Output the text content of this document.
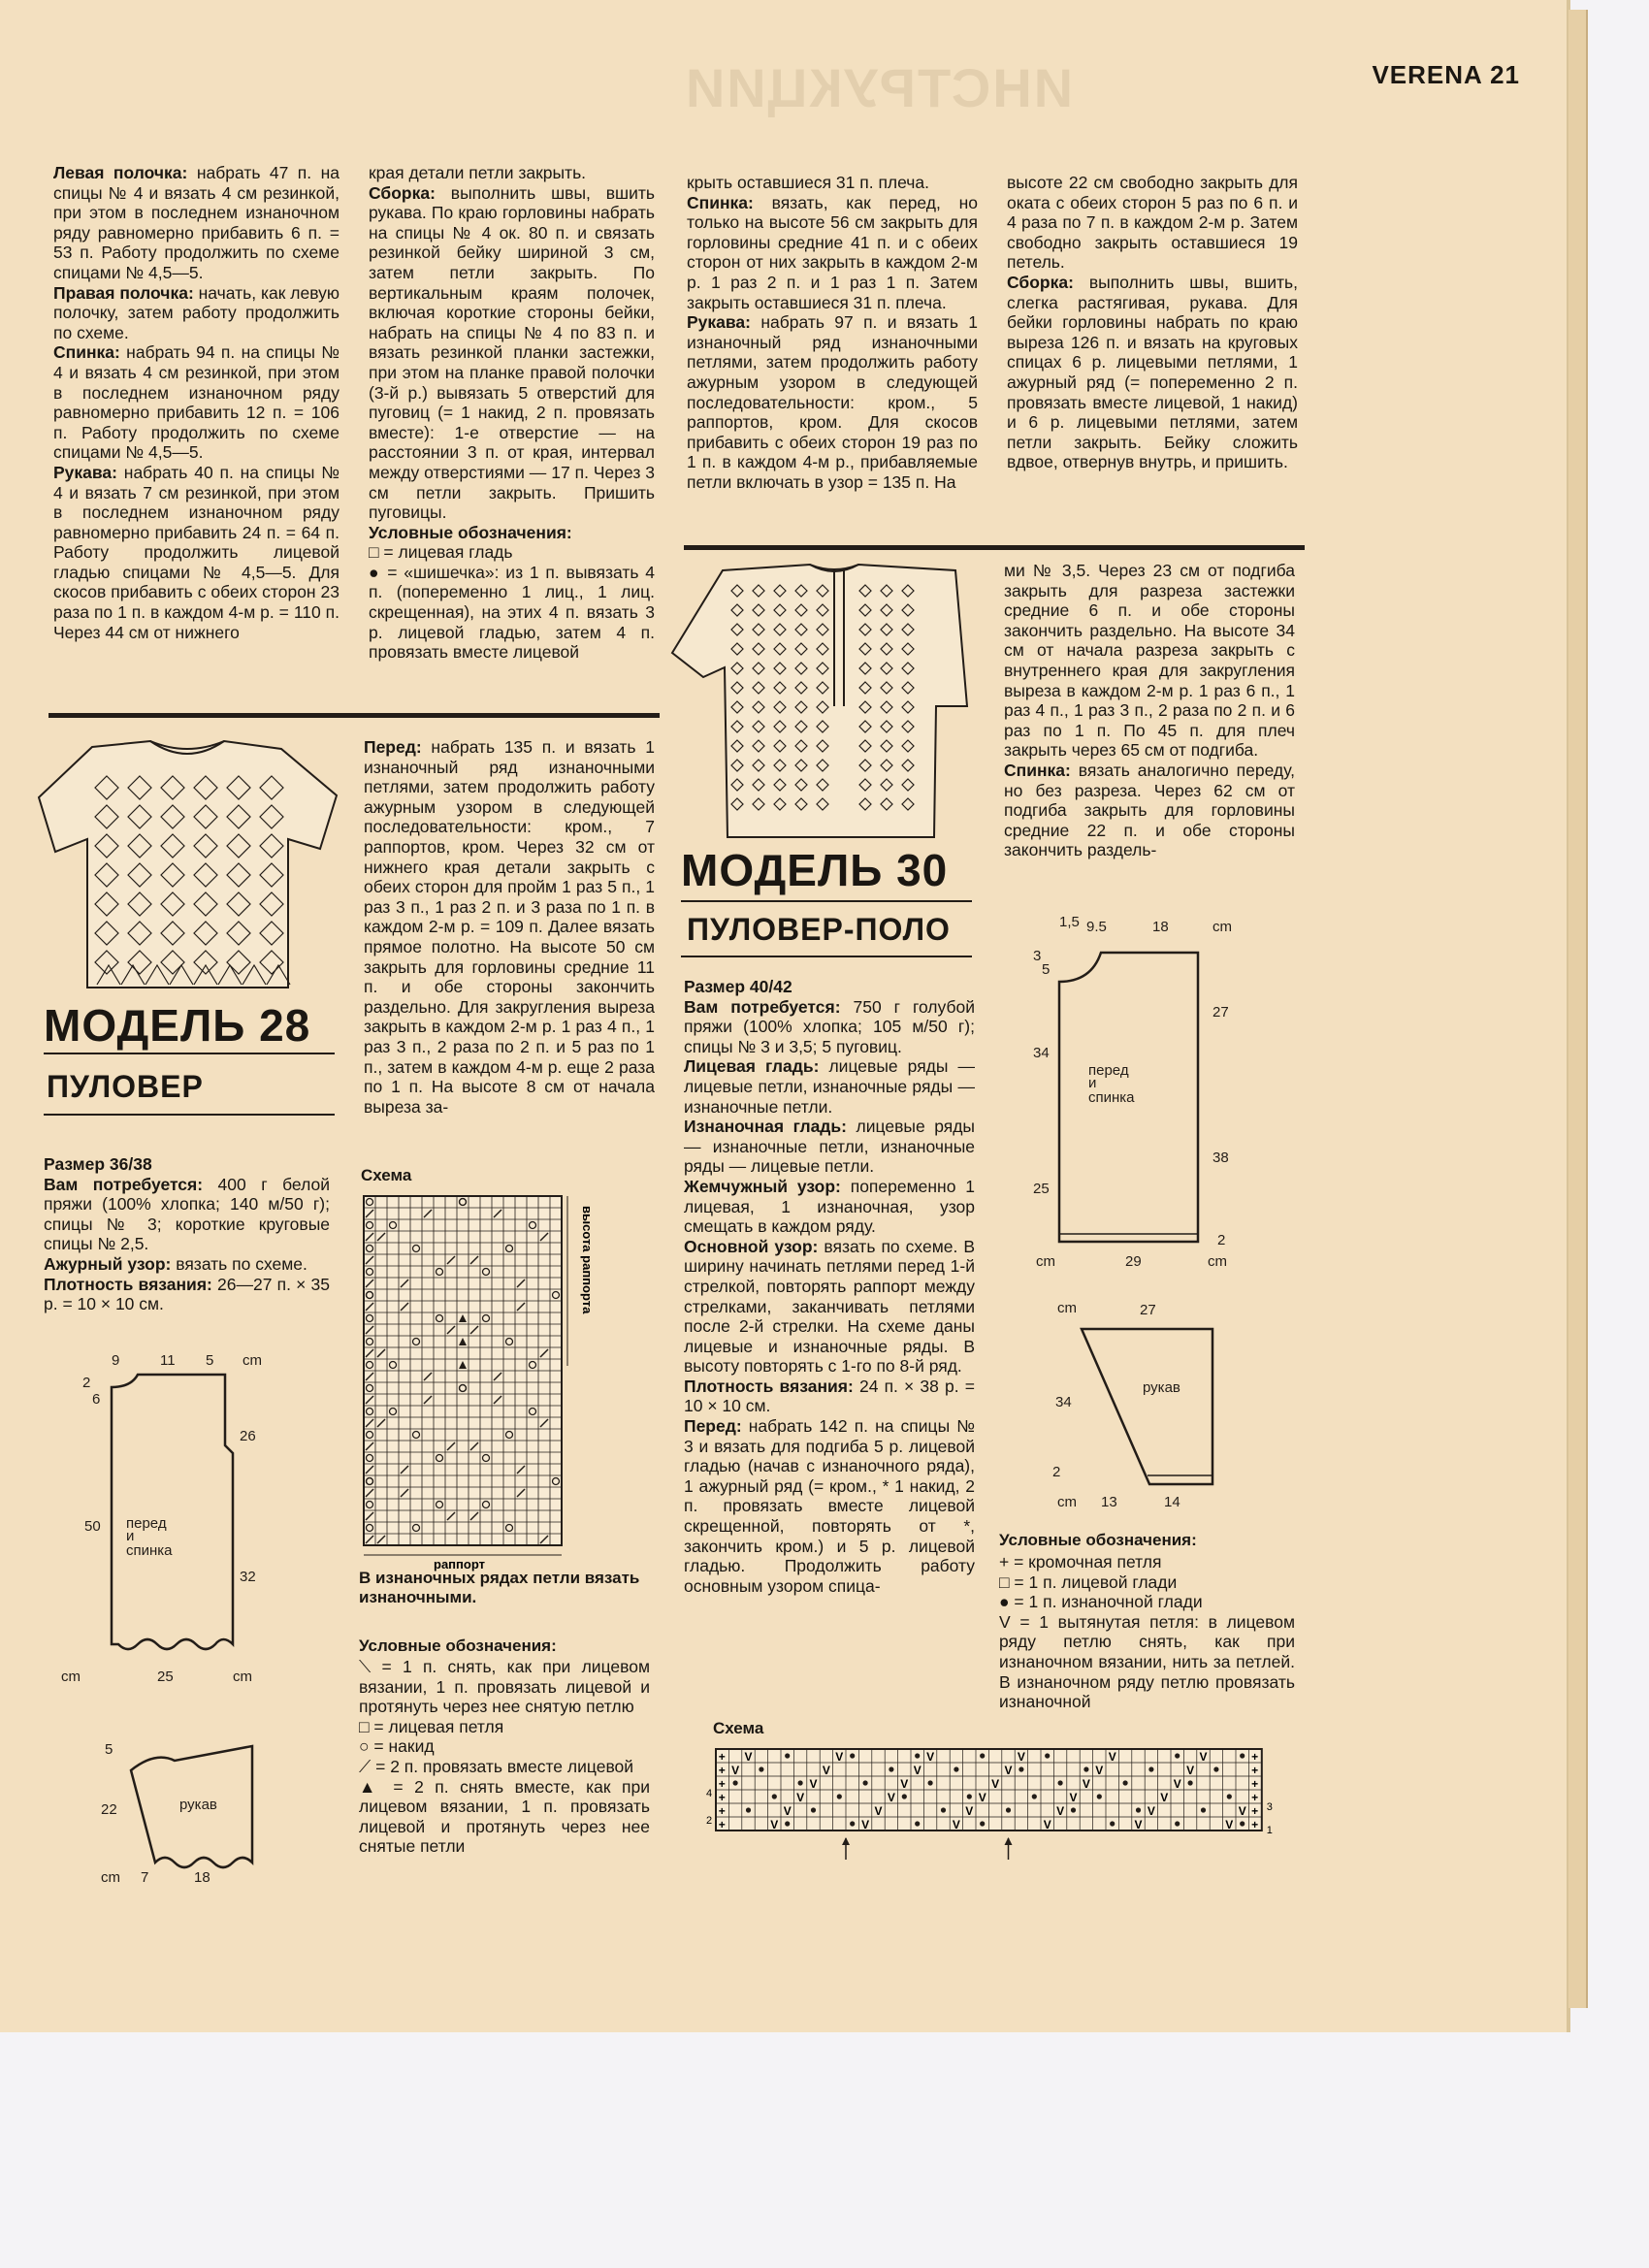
ИНСТРУКЦИИ	VERENA 21

Левая полочка: набрать 47 п. на спицы № 4 и вязать 4 см резинкой, при этом в последнем изнаночном ряду равномерно прибавить 6 п. = 53 п. Работу продолжить по схеме спицами № 4,5—5.

Правая полочка: начать, как левую полочку, затем работу продолжить по схеме.

Спинка: набрать 94 п. на спицы № 4 и вязать 4 см резинкой, при этом в последнем изнаночном ряду равномерно прибавить 12 п. = 106 п. Работу продолжить по схеме спицами № 4,5—5.

Рукава: набрать 40 п. на спицы № 4 и вязать 7 см резинкой, при этом в последнем изнаночном ряду равномерно прибавить 24 п. = 64 п. Работу продолжить лицевой гладью спицами № 4,5—5. Для скосов прибавить с обеих сторон 23 раза по 1 п. в каждом 4-м р. = 110 п. Через 44 см от нижнего

края детали петли закрыть.

Сборка: выполнить швы, вшить рукава. По краю горловины набрать на спицы № 4 ок. 80 п. и связать резинкой бейку шириной 3 см, затем петли закрыть. По вертикальным краям полочек, включая короткие стороны бейки, набрать на спицы № 4 по 83 п. и вязать резинкой планки застежки, при этом на планке правой полочки (3-й р.) вывязать 5 отверстий для пуговиц (= 1 накид, 2 п. провязать вместе): 1-е отверстие — на расстоянии 3 п. от края, интервал между отверстиями — 17 п. Через 3 см петли закрыть. Пришить пуговицы.

Условные обозначения:

□ = лицевая гладь

● = «шишечка»: из 1 п. вывязать 4 п. (попеременно 1 лиц., 1 лиц. скрещенная), на этих 4 п. вязать 3 р. лицевой гладью, затем 4 п. провязать вместе лицевой

крыть оставшиеся 31 п. плеча.

Спинка: вязать, как перед, но только на высоте 56 см закрыть для горловины средние 41 п. и с обеих сторон от них закрыть в каждом 2-м р. 1 раз 2 п. и 1 раз 1 п. Затем закрыть оставшиеся 31 п. плеча.

Рукава: набрать 97 п. и вязать 1 изнаночный ряд изнаночными петлями, затем продолжить работу ажурным узором в следующей последовательности: кром., 5 раппортов, кром. Для скосов прибавить с обеих сторон 19 раз по 1 п. в каждом 4-м р., прибавляемые петли включать в узор = 135 п. На

высоте 22 см свободно закрыть для оката с обеих сторон 5 раз по 6 п. и 4 раза по 7 п. в каждом 2-м р. Затем свободно закрыть оставшиеся 19 петель.

Сборка: выполнить швы, вшить, слегка растягивая, рукава. Для бейки горловины набрать по краю выреза 126 п. и вязать на круговых спицах 6 р. лицевыми петлями, 1 ажурный ряд (= попеременно 2 п. провязать вместе лицевой, 1 накид) и 6 р. лицевыми петлями, затем петли закрыть. Бейку сложить вдвое, отвернув внутрь, и пришить.

МОДЕЛЬ 28
ПУЛОВЕР

Размер 36/38

Вам потребуется: 400 г белой пряжи (100% хлопка; 140 м/50 г); спицы № 3; короткие круговые спицы № 2,5.

Ажурный узор: вязать по схеме.

Плотность вязания: 26—27 п. × 35 р. = 10 × 10 см.

9	11 5 cm
2
6
50
26
32
25
cm	cm
перед
и
спинка
5
22
7	18
cm
рукав

Перед: набрать 135 п. и вязать 1 изнаночный ряд изнаночными петлями, затем продолжить работу ажурным узором в следующей последовательности: кром., 7 раппортов, кром. Через 32 см от нижнего края детали закрыть с обеих сторон для пройм 1 раз 5 п., 1 раз 3 п., 1 раз 2 п. и 3 раза по 1 п. в каждом 2-м р. = 109 п. Далее вязать прямое полотно. На высоте 50 см закрыть для горловины средние 11 п. и обе стороны закончить раздельно. Для закругления выреза закрыть в каждом 2-м р. 1 раз 4 п., 1 раз 3 п., 2 раза по 2 п. и 5 раз по 1 п., затем в каждом 4-м р. еще 2 раза по 1 п. На высоте 8 см от начала выреза за-

Схема
высота раппорта
раппорт
В изнаночных рядах петли вязать изнаночными.
Условные обозначения:

⟍ = 1 п. снять, как при лицевом вязании, 1 п. провязать лицевой и протянуть через нее снятую петлю

□ = лицевая петля

○ = накид

⟋ = 2 п. провязать вместе лицевой

▲ = 2 п. снять вместе, как при лицевом вязании, 1 п. провязать лицевой и протянуть через нее снятые петли

МОДЕЛЬ 30
ПУЛОВЕР-ПОЛО

Размер 40/42

Вам потребуется: 750 г голубой пряжи (100% хлопка; 105 м/50 г); спицы № 3 и 3,5; 5 пуговиц.

Лицевая гладь: лицевые ряды — лицевые петли, изнаночные ряды — изнаночные петли.

Изнаночная гладь: лицевые ряды — изнаночные петли, изнаночные ряды — лицевые петли.

Жемчужный узор: попеременно 1 лицевая, 1 изнаночная, узор смещать в каждом ряду.

Основной узор: вязать по схеме. В ширину начинать петлями перед 1-й стрелкой, повторять раппорт между стрелками, заканчивать петлями после 2-й стрелки. На схеме даны лицевые и изнаночные ряды. В высоту повторять с 1-го по 8-й ряд.

Плотность вязания: 24 п. × 38 р. = 10 × 10 см.

Перед: набрать 142 п. на спицы № 3 и вязать для подгиба 5 р. лицевой гладью (начав с изнаночного ряда), 1 ажурный ряд (= кром., * 1 накид, 2 п. провязать вместе лицевой скрещенной, повторять от *, закончить кром.) и 5 р. лицевой гладью. Продолжить работу основным узором спица-

ми № 3,5. Через 23 см от подгиба закрыть для разреза застежки средние 6 п. и обе стороны закончить раздельно. На высоте 34 см от начала разреза закрыть с внутреннего края для закругления выреза в каждом 2-м р. 1 раз 6 п., 1 раз 4 п., 1 раз 3 п., 2 раза по 2 п. и 6 раз по 1 п. По 45 п. для плеч закрыть через 65 см от подгиба.

Спинка: вязать аналогично переду, но без разреза. Через 62 см от подгиба закрыть для горловины средние 22 п. и обе стороны закончить раздель-

1,5 9.5	18	cm
3
5
34
25
27
38
2
29
cm	cm
перед
и
спинка
cm	27
34
2
13	14
cm
рукав
Условные обозначения:

+ = кромочная петля

□ = 1 п. лицевой глади

● = 1 п. изнаночной глади

V = 1 вытянутая петля: в лицевом ряду петлю снять, как при изнаночном вязании, нить за петлей. В изнаночном ряду петлю провязать изнаночной

Схема
+ V	V	V	V	V	V	+
+ V	V	V	V	V	V	+
+	V	V	V	V	V	+
+	V	V	V	V	V	+
+	V	V	V	V	V	V +
+	V	V	V	V	V	V +
4
2
3
1
